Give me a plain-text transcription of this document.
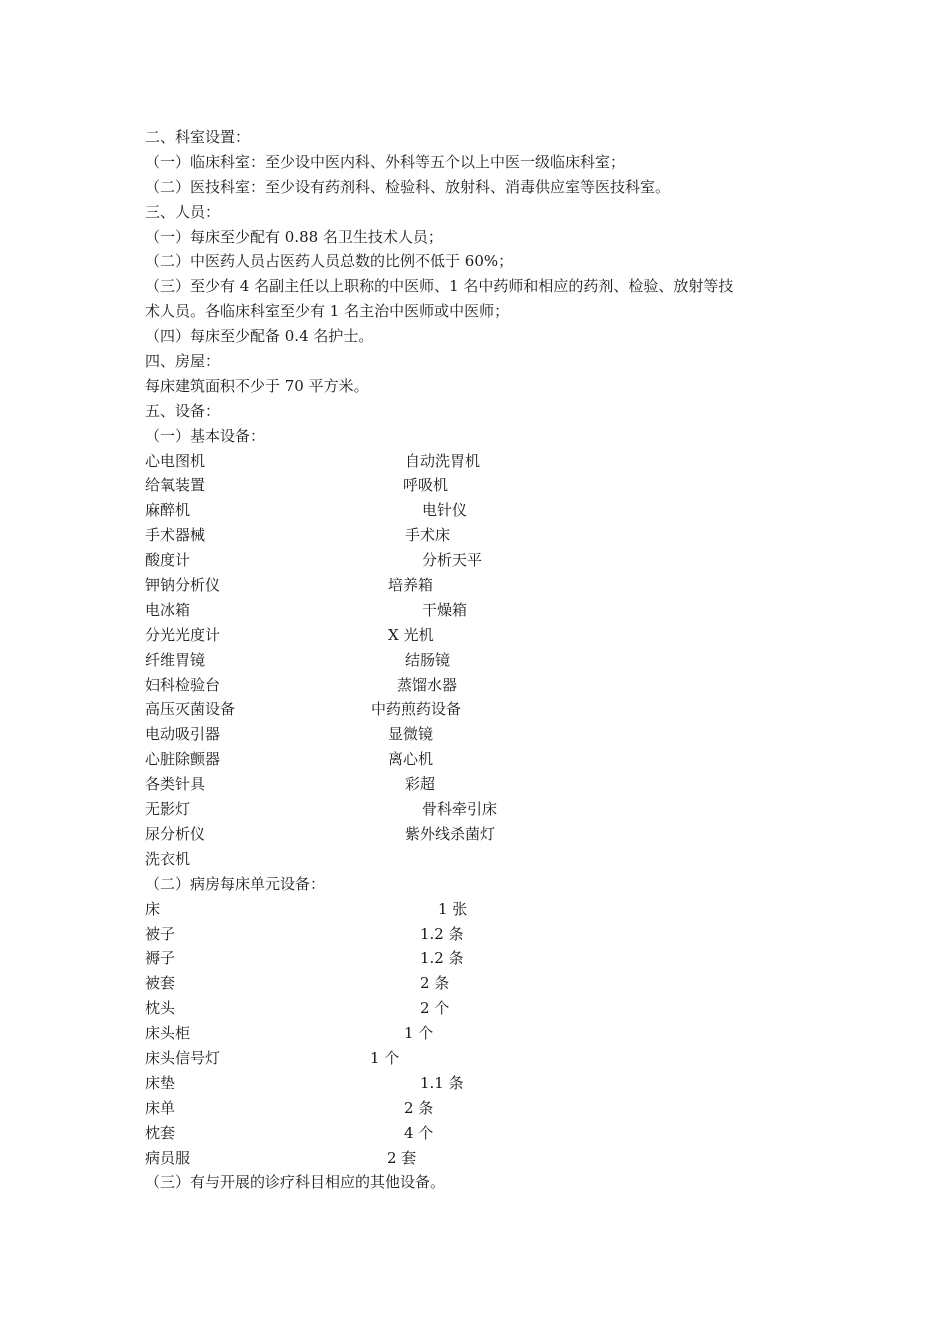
二、科室设置：
（一）临床科室：至少设中医内科、外科等五个以上中医一级临床科室；
（二）医技科室：至少设有药剂科、检验科、放射科、消毒供应室等医技科室。
三、人员：
（一）每床至少配有 0.88 名卫生技术人员；
（二）中医药人员占医药人员总数的比例不低于 60%；
（三）至少有 4 名副主任以上职称的中医师、1 名中药师和相应的药剂、检验、放射等技
术人员。各临床科室至少有 1 名主治中医师或中医师；
（四）每床至少配备 0.4 名护士。
四、房屋：
每床建筑面积不少于 70 平方米。
五、设备：
（一）基本设备：
心电图机	自动洗胃机
给氧装置	呼吸机
麻醉机	电针仪
手术器械	手术床
酸度计	分析天平
钾钠分析仪	培养箱
电冰箱	干燥箱
分光光度计	X 光机
纤维胃镜	结肠镜
妇科检验台	蒸馏水器
高压灭菌设备	中药煎药设备
电动吸引器	显微镜
心脏除颤器	离心机
各类针具	彩超
无影灯	骨科牵引床
尿分析仪	紫外线杀菌灯
洗衣机
（二）病房每床单元设备：
床	1 张
被子	1.2 条
褥子	1.2 条
被套	2 条
枕头	2 个
床头柜	1 个
床头信号灯	1 个
床垫	1.1 条
床单	2 条
枕套	4 个
病员服	2 套
（三）有与开展的诊疗科目相应的其他设备。
